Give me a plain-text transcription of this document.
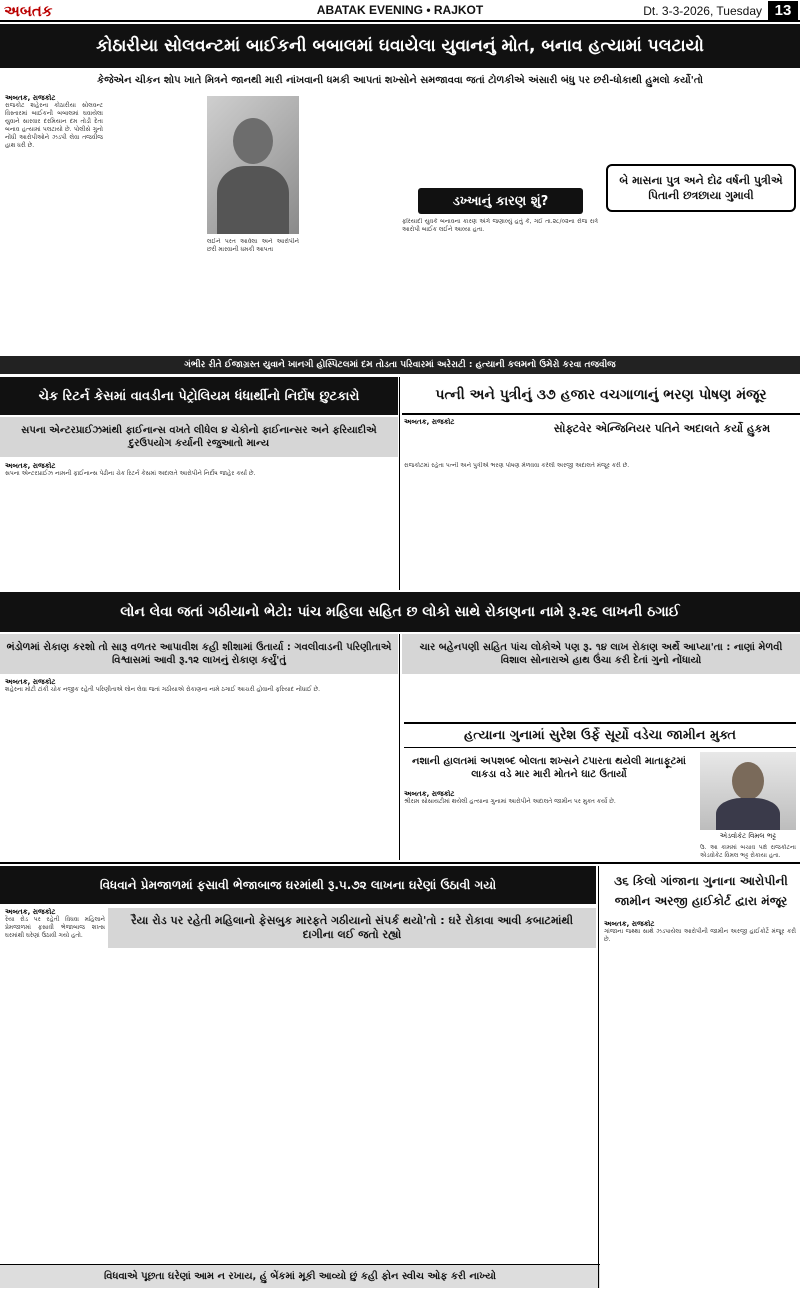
અબતક	ABATAK EVENING • RAJKOT	Dt. 3-3-2026, Tuesday 13
કોઠારીયા સોલવન્ટમાં બાઈકની બબાલમાં ઘવાયેલા યુવાનનું મોત, બનાવ હત્યામાં પલટાયો
કેજેએન ચીકન શોપ ખાતે મિત્રને જાનથી મારી નાંખવાની ધમકી આપતાં શખ્સોને સમજાવવા જતાં ટોળકીએ અંસારી બંધુ પર છરી-ધોકાથી હુમલો કર્યો'તો
અબતક, રાજકોટ
રાજકોટ શહેરના કોઠારીયા સોલવન્ટ વિસ્તારમાં બાઈકની બબાલમાં ઘવાયેલા યુવાને સારવાર દરમિયાન દમ તોડી દેતા બનાવ હત્યામાં પલટાયો છે. પોલીસે ગુનો નોંધી આરોપીઓને ઝડપી લેવા તજવીજ હાથ ધરી છે.
લઈને પરત આવેલા અને આરોપીને છરી મારવાની ધમકી આપતા
ડખ્ખાનું કારણ શું?
ફરિયાદી યુવકે બનાવના કારણ અંગે જણાવ્યું હતું કે, ગઈ તા.૨૮/૦૨ના રોજ રાત્રે આરોપી બાઈક લઈને આવ્યા હતા.
બે માસના પુત્ર અને દોઢ વર્ષની પુત્રીએ પિતાની છત્રછાયા ગુમાવી
ગંભીર રીતે ઈજાગ્રસ્ત યુવાને ખાનગી હોસ્પિટલમાં દમ તોડતા પરિવારમાં અરેરાટી : હત્યાની કલમનો ઉમેરો કરવા તજવીજ
ચેક રિટર્ન કેસમાં વાવડીના પેટ્રોલિયમ ધંધાર્થીનો નિર્દોષ છુટકારો
સપના એન્ટરપ્રાઈઝમાંથી ફાઈનાન્સ વખતે લીધેલ ૪ ચેકોનો ફાઈનાન્સર અને ફરિયાદીએ દુરઉપયોગ કર્યાની રજુઆતો માન્ય
અબતક, રાજકોટ
સપના એન્ટરપ્રાઈઝ નામની ફાઈનાન્સ પેઢીના ચેક રિટર્ન કેસમાં અદાલતે આરોપીને નિર્દોષ જાહેર કર્યા છે.
પત્ની અને પુત્રીનું ૩૭ હજાર વચગાળાનું ભરણ પોષણ મંજૂર
અબતક, રાજકોટ	સોફ્ટવેર એન્જિનિયર પતિને અદાલતે કર્યો હુકમ
રાજકોટમાં રહેતા પત્ની અને પુત્રીએ ભરણ પોષણ મેળવવા કરેલી અરજી અદાલતે મંજૂર કરી છે.
લોન લેવા જતાં ગઠીયાનો ભેટો: પાંચ મહિલા સહિત છ લોકો સાથે રોકાણના નામે રૂ.૨૬ લાખની ઠગાઈ
ભંડોળમાં રોકાણ કરશો તો સારૂ વળતર આપાવીશ કહી શીશામાં ઉતાર્યા : ગવલીવાડની પરિણીતાએ વિશ્વાસમાં આવી રૂ.૧૨ લાખનું રોકાણ કર્યું'તું
ચાર બહેનપણી સહિત પાંચ લોકોએ પણ રૂ. ૧૪ લાખ રોકાણ અર્થે આપ્યા'તા : નાણાં મેળવી વિશાલ સોનારાએ હાથ ઉંચા કરી દેતાં ગુનો નોંધાયો
અબતક, રાજકોટ
શહેરના મોટી ટાંકી ચોક નજીક રહેતી પરિણીતાએ લોન લેવા જતાં ગઠીયાએ રોકાણના નામે ઠગાઈ આચરી હોવાની ફરિયાદ નોંધાઈ છે.
હત્યાના ગુનામાં સુરેશ ઉર્ફે સૂર્યો વડેચા જામીન મુક્ત
નશાની હાલતમાં અપશબ્દ બોલતા શખ્સને ટપારતા થયેલી માતાફૂટમાં લાકડા વડે માર મારી મોતને ઘાટ ઉતાર્યો
અબતક, રાજકોટ
શ્રીરામ સોસાયટીમાં થયેલી હત્યાના ગુનામાં આરોપીને અદાલતે જામીન પર મુક્ત કર્યો છે.
એડવોકેટ વિમલ ભટ્ટ
ઉ. આ કામમાં બચાવ પક્ષે રાજકોટના એડવોકેટ વિમલ ભટ્ટ રોકાયા હતા.
વિધવાને પ્રેમજાળમાં ફસાવી ભેજાબાજ ઘરમાંથી રૂ.૫.૭૨ લાખના ઘરેણાં ઉઠાવી ગયો
અબતક, રાજકોટ
રૈયા રોડ પર રહેતી વિધવા મહિલાને પ્રેમજાળમાં ફસાવી ભેજાબાજ શખ્સ ઘરમાંથી ઘરેણાં ઉઠાવી ગયો હતો.
રૈયા રોડ પર રહેતી મહિલાનો ફેસબુક મારફતે ગઠીયાનો સંપર્ક થયો'તો : ઘરે રોકાવા આવી કબાટમાંથી દાગીના લઈ જતો રહ્યો
વિધવાએ પૂછતા ઘરેણાં આમ ન રખાય, હું બેંકમાં મૂકી આવ્યો છું કહી ફોન સ્વીચ ઓફ કરી નાખ્યો
૩૬ કિલો ગાંજાના ગુનાના આરોપીની જામીન અરજી હાઈકોર્ટ દ્વારા મંજૂર
અબતક, રાજકોટ
ગાંજાના જથ્થા સાથે ઝડપાયેલા આરોપીની જામીન અરજી હાઈકોર્ટે મંજૂર કરી છે.
